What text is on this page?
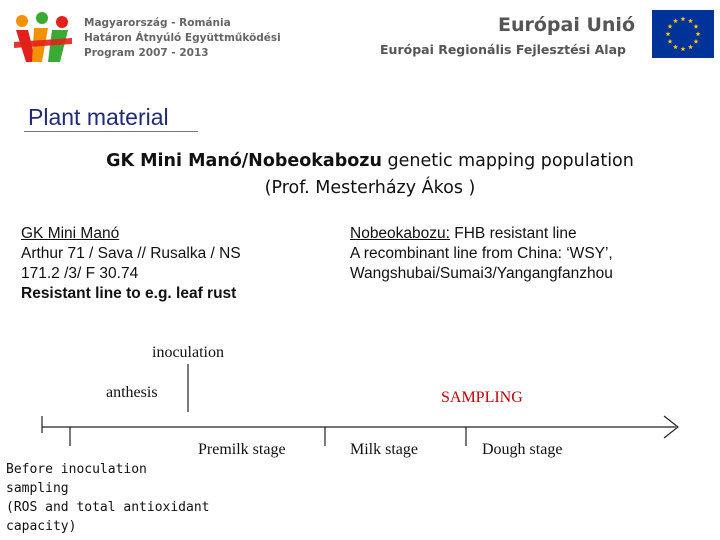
Magyarország - Románia
Határon Átnyúló Együttműködési
Program 2007 - 2013
Európai Unió
Európai Regionális Fejlesztési Alap
Plant material
GK Mini Manó/Nobeokabozu genetic mapping population
(Prof. Mesterházy Ákos )
GK Mini Manó
Arthur 71 / Sava // Rusalka / NS
171.2 /3/ F 30.74
Resistant line to e.g. leaf rust
Nobeokabozu: FHB resistant line
A recombinant line from China: ‘WSY’,
Wangshubai/Sumai3/Yangangfanzhou
inoculation
anthesis	SAMPLING
Premilk stage	Milk stage	Dough stage
Before inoculation
sampling
(ROS and total antioxidant
capacity)
